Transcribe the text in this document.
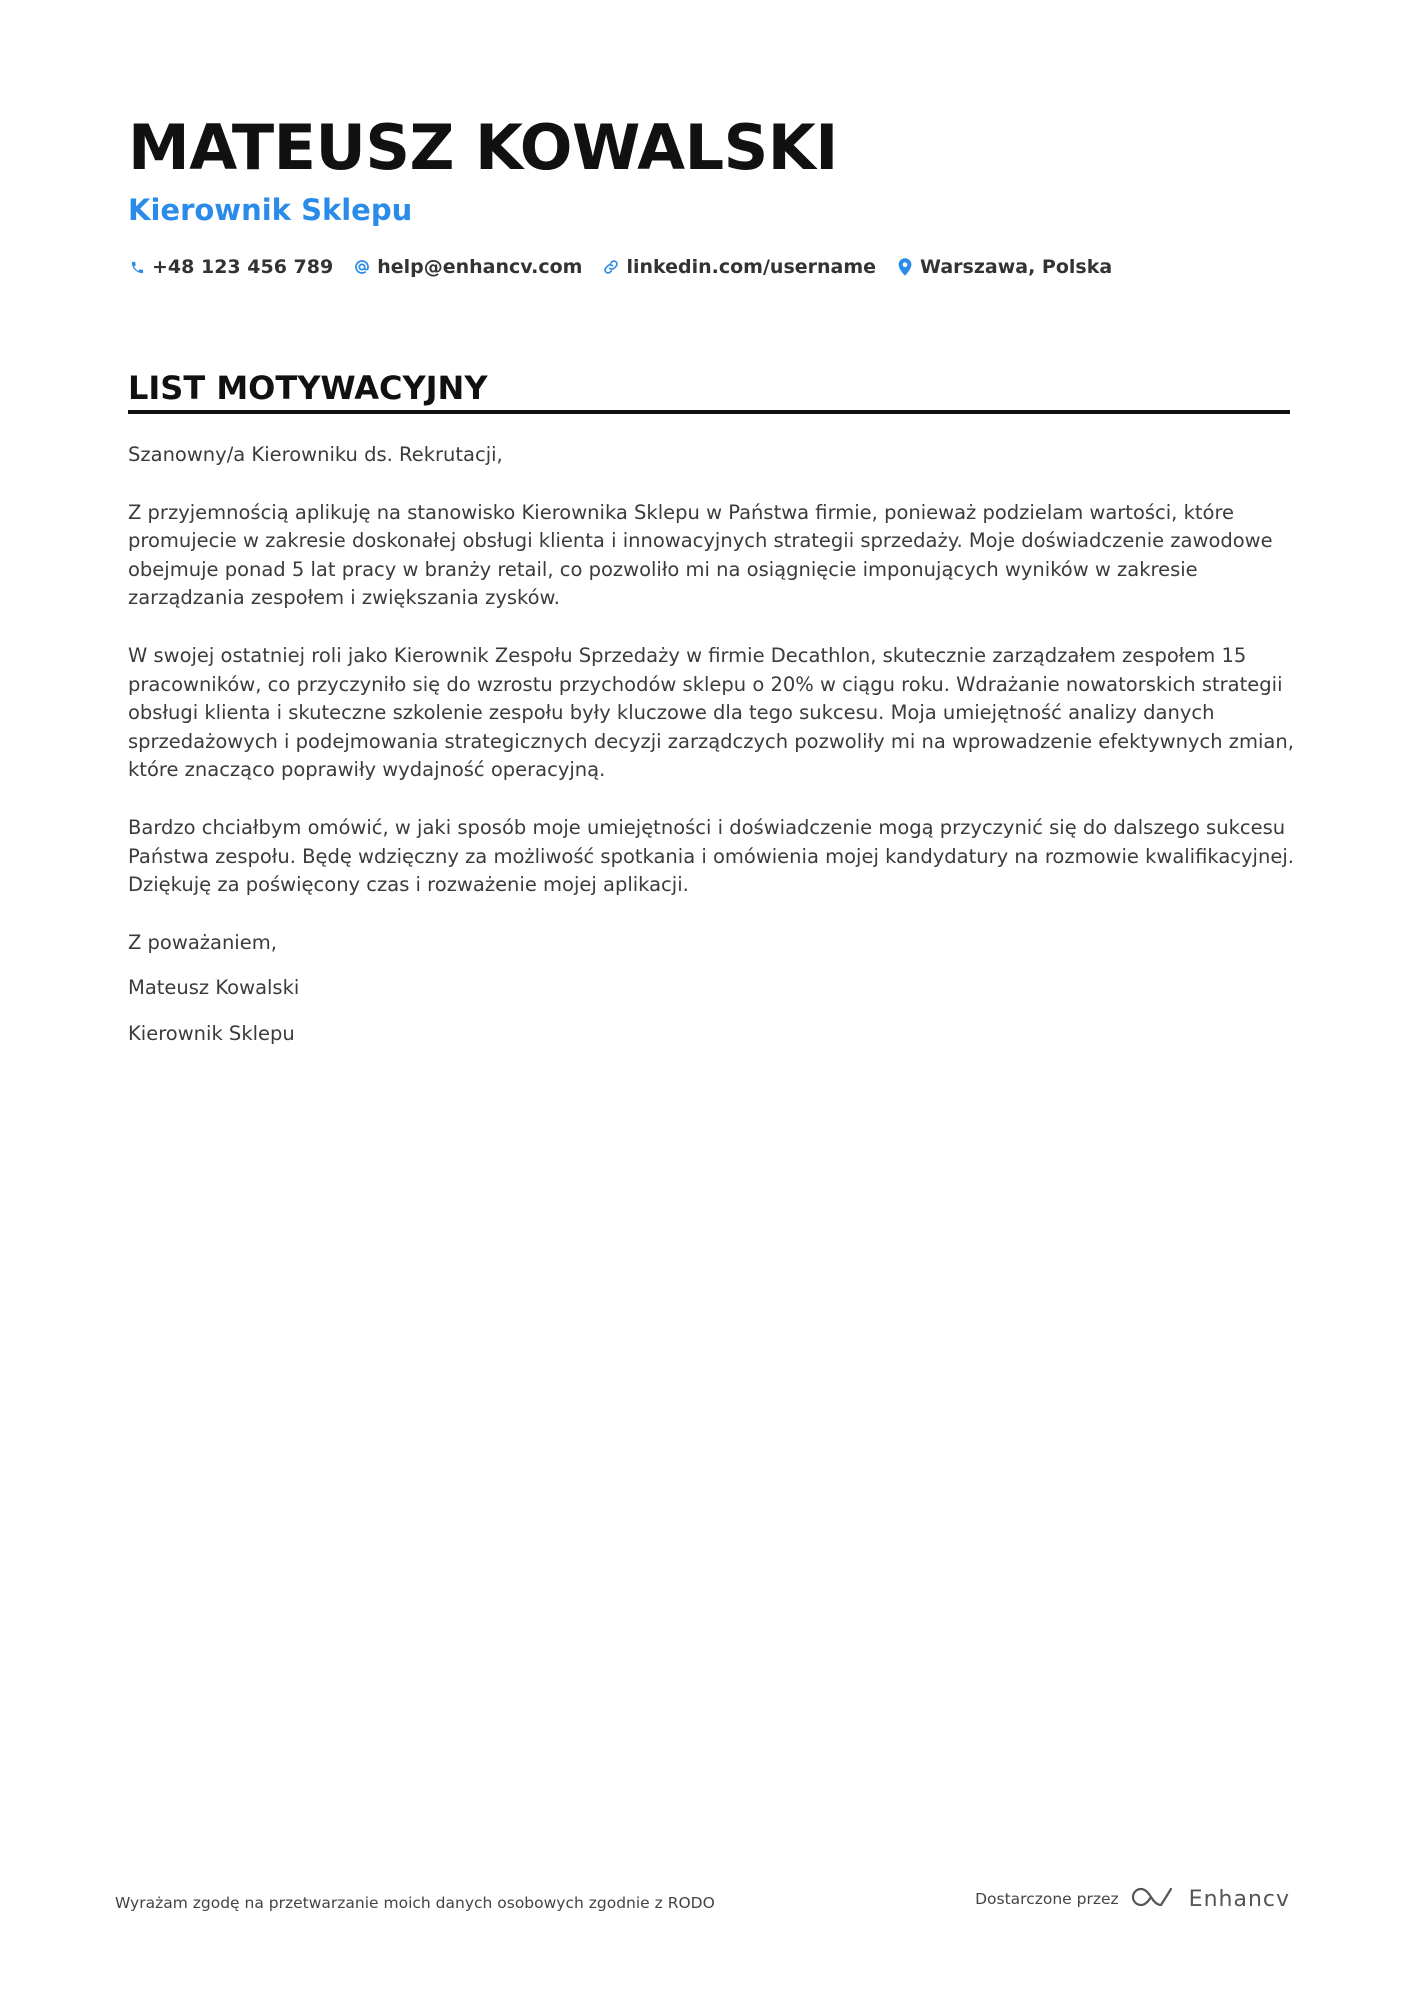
MATEUSZ KOWALSKI
Kierownik Sklepu
+48 123 456 789 help@enhancv.com linkedin.com/username Warszawa, Polska
LIST MOTYWACYJNY

Szanowny/a Kierowniku ds. Rekrutacji,

Z przyjemnością aplikuję na stanowisko Kierownika Sklepu w Państwa firmie, ponieważ podzielam wartości, które promujecie w zakresie doskonałej obsługi klienta i innowacyjnych strategii sprzedaży. Moje doświadczenie zawodowe obejmuje ponad 5 lat pracy w branży retail, co pozwoliło mi na osiągnięcie imponujących wyników w zakresie zarządzania zespołem i zwiększania zysków.

W swojej ostatniej roli jako Kierownik Zespołu Sprzedaży w firmie Decathlon, skutecznie zarządzałem zespołem 15 pracowników, co przyczyniło się do wzrostu przychodów sklepu o 20% w ciągu roku. Wdrażanie nowatorskich strategii obsługi klienta i skuteczne szkolenie zespołu były kluczowe dla tego sukcesu. Moja umiejętność analizy danych sprzedażowych i podejmowania strategicznych decyzji zarządczych pozwoliły mi na wprowadzenie efektywnych zmian, które znacząco poprawiły wydajność operacyjną.

Bardzo chciałbym omówić, w jaki sposób moje umiejętności i doświadczenie mogą przyczynić się do dalszego sukcesu Państwa zespołu. Będę wdzięczny za możliwość spotkania i omówienia mojej kandydatury na rozmowie kwalifikacyjnej. Dziękuję za poświęcony czas i rozważenie mojej aplikacji.

Z poważaniem,

Mateusz Kowalski

Kierownik Sklepu

Wyrażam zgodę na przetwarzanie moich danych osobowych zgodnie z RODO	Dostarczone przez	Enhancv
